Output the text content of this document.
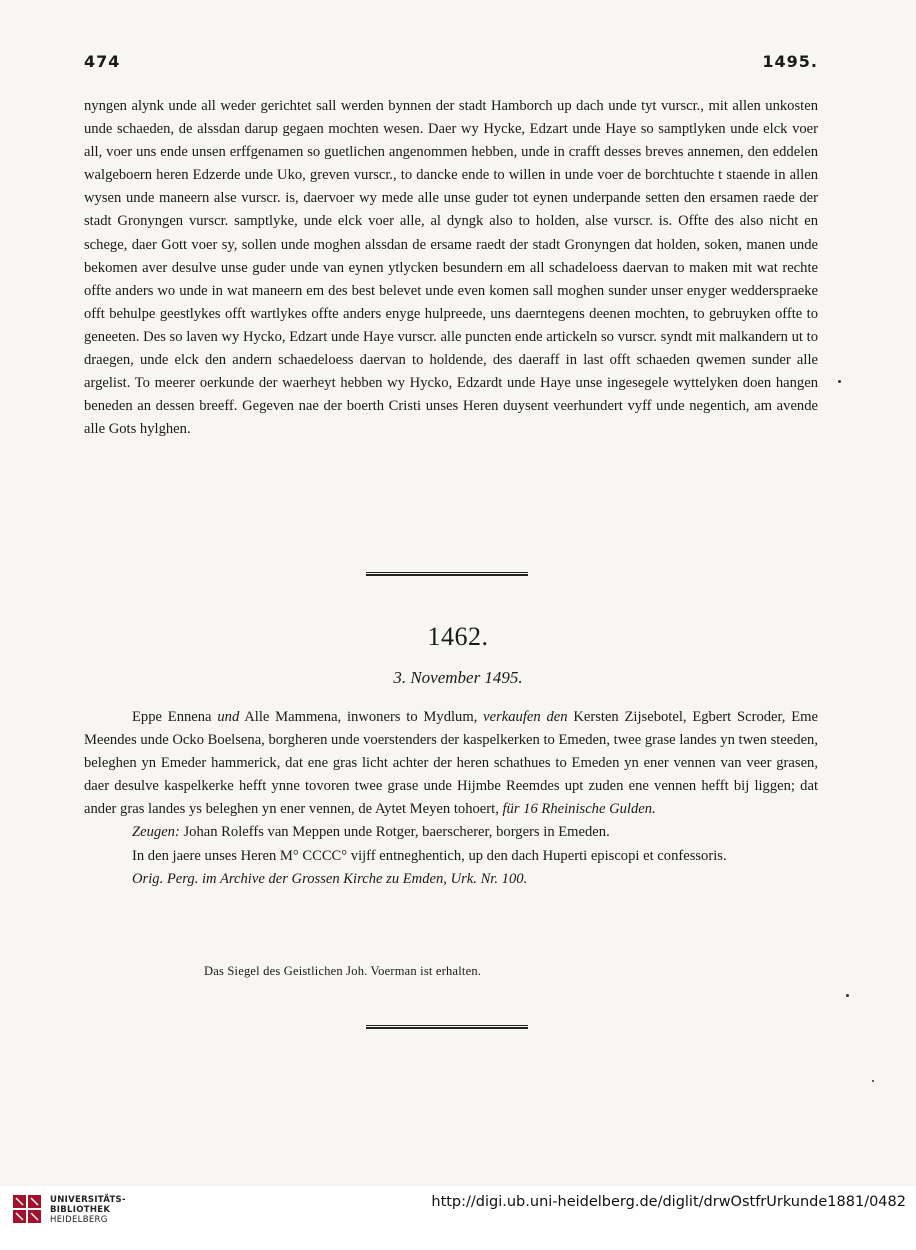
474	1495.

nyngen alynk unde all weder gerichtet sall werden bynnen der stadt Hamborch up dach unde tyt vurscr., mit allen unkosten unde schaeden, de alssdan darup gegaen mochten wesen. Daer wy Hycke, Edzart unde Haye so samptlyken unde elck voer all, voer uns ende unsen erffgenamen so guetlichen angenommen hebben, unde in crafft desses breves annemen, den eddelen walgeboern heren Edzerde unde Uko, greven vurscr., to dancke ende to willen in unde voer de borchtuchte t staende in allen wysen unde maneern alse vurscr. is, daervoer wy mede alle unse guder tot eynen underpande setten den ersamen raede der stadt Gronyngen vurscr. samptlyke, unde elck voer alle, al dyngk also to holden, alse vurscr. is. Offte des also nicht en schege, daer Gott voer sy, sollen unde moghen alssdan de ersame raedt der stadt Gronyngen dat holden, soken, manen unde bekomen aver desulve unse guder unde van eynen ytlycken besundern em all schadeloess daervan to maken mit wat rechte offte anders wo unde in wat maneern em des best belevet unde even komen sall moghen sunder unser enyger wedderspraeke offt behulpe geestlykes offt wartlykes offte anders enyge hulpreede, uns daerntegens deenen mochten, to gebruyken offte to geneeten. Des so laven wy Hycko, Edzart unde Haye vurscr. alle puncten ende artickeln so vurscr. syndt mit malkandern ut to draegen, unde elck den andern schaedeloess daervan to holdende, des daeraff in last offt schaeden qwemen sunder alle argelist. To meerer oerkunde der waerheyt hebben wy Hycko, Edzardt unde Haye unse ingesegele wyttelyken doen hangen beneden an dessen breeff. Gegeven nae der boerth Cristi unses Heren duysent veerhundert vyff unde negentich, am avende alle Gots hylghen.

1462.
3. November 1495.

Eppe Ennena und Alle Mammena, inwoners to Mydlum, verkaufen den Kersten Zijsebotel, Egbert Scroder, Eme Meendes unde Ocko Boelsena, borgheren unde voerstenders der kaspelkerken to Emeden, twee grase landes yn twen steeden, beleghen yn Emeder hammerick, dat ene gras licht achter der heren schathues to Emeden yn ener vennen van veer grasen, daer desulve kaspelkerke hefft ynne tovoren twee grase unde Hijmbe Reemdes upt zuden ene vennen hefft bij liggen; dat ander gras landes ys beleghen yn ener vennen, de Aytet Meyen tohoert, für 16 Rheinische Gulden.

Zeugen: Johan Roleffs van Meppen unde Rotger, baerscherer, borgers in Emeden.

In den jaere unses Heren M° CCCC° vijff entneghentich, up den dach Huperti episcopi et confessoris.

Orig. Perg. im Archive der Grossen Kirche zu Emden, Urk. Nr. 100.

Das Siegel des Geistlichen Joh. Voerman ist erhalten.
UNIVERSITÄTS-
BIBLIOTHEK
HEIDELBERG
http://digi.ub.uni-heidelberg.de/diglit/drwOstfrUrkunde1881/0482
